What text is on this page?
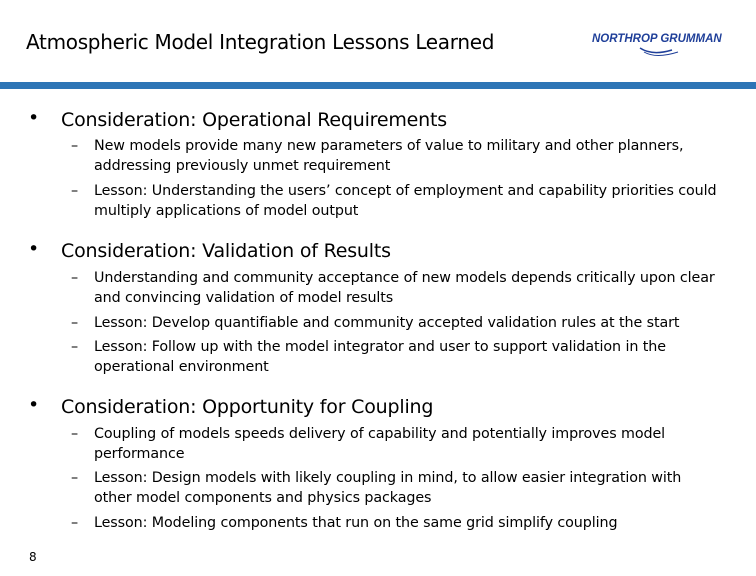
Atmospheric Model Integration Lessons Learned	NORTHROP GRUMMAN
• Consideration: Operational Requirements
– New models provide many new parameters of value to military and other planners, addressing previously unmet requirement
– Lesson: Understanding the users’ concept of employment and capability priorities could multiply applications of model output
• Consideration: Validation of Results
– Understanding and community acceptance of new models depends critically upon clear and convincing validation of model results
– Lesson: Develop quantifiable and community accepted validation rules at the start
– Lesson: Follow up with the model integrator and user to support validation in the operational environment
• Consideration: Opportunity for Coupling
– Coupling of models speeds delivery of capability and potentially improves model performance
– Lesson: Design models with likely coupling in mind, to allow easier integration with other model components and physics packages
– Lesson: Modeling components that run on the same grid simplify coupling
8
